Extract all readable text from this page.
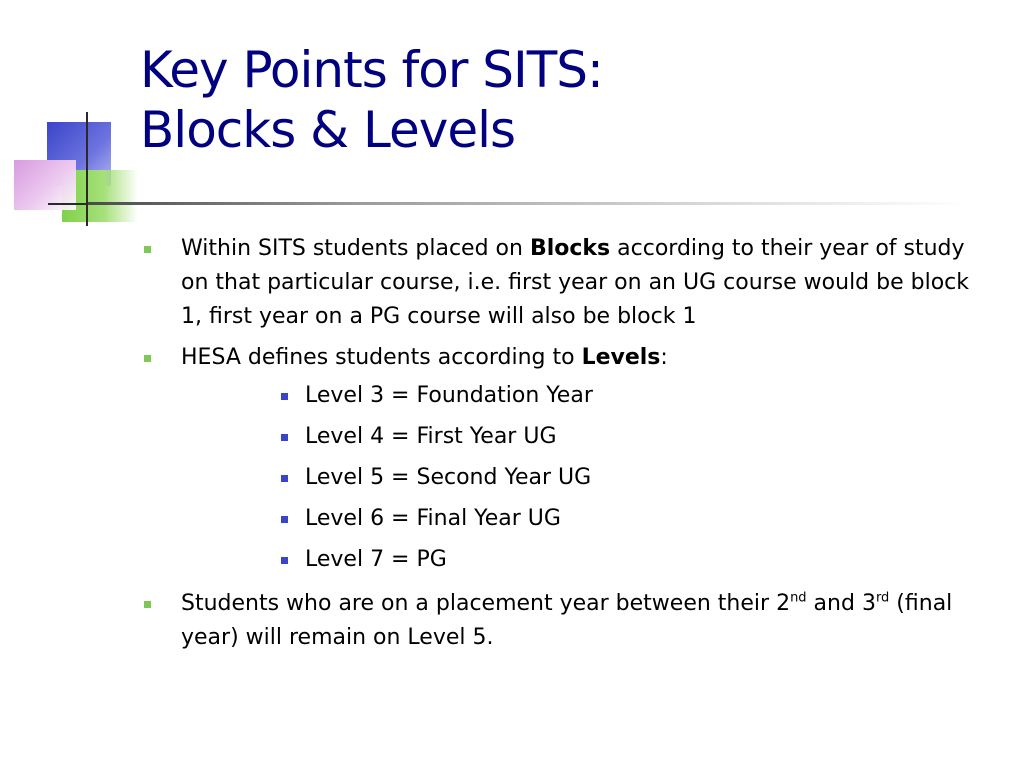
Key Points for SITS:
Blocks & Levels
Within SITS students placed on Blocks according to their year of study on that particular course, i.e. first year on an UG course would be block 1, first year on a PG course will also be block 1
HESA defines students according to Levels:
Level 3 = Foundation Year
Level 4 = First Year UG
Level 5 = Second Year UG
Level 6 = Final Year UG
Level 7 = PG
Students who are on a placement year between their 2nd and 3rd (final year) will remain on Level 5.
